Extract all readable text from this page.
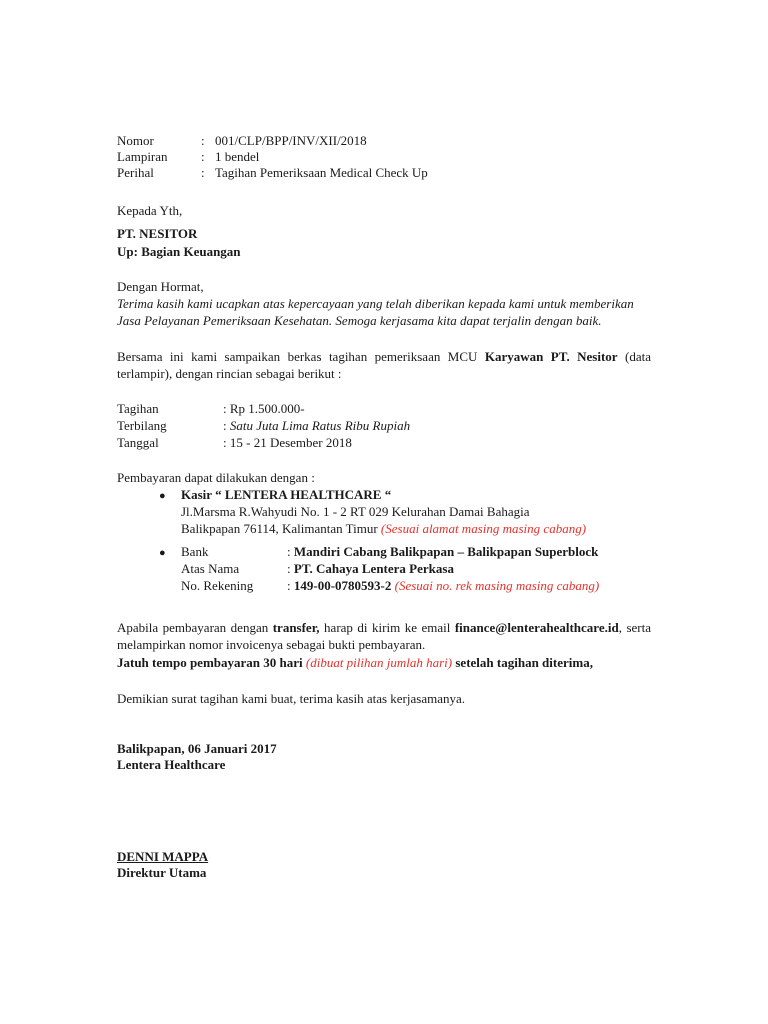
Nomor	: 001/CLP/BPP/INV/XII/2018
Lampiran	: 1 bendel
Perihal	: Tagihan Pemeriksaan Medical Check Up
Kepada Yth,
PT. NESITOR
Up: Bagian Keuangan
Dengan Hormat,
Terima kasih kami ucapkan atas kepercayaan yang telah diberikan kepada kami untuk memberikan
Jasa Pelayanan Pemeriksaan Kesehatan. Semoga kerjasama kita dapat terjalin dengan baik.
Bersama ini kami sampaikan berkas tagihan pemeriksaan MCU Karyawan PT. Nesitor (data terlampir), dengan rincian sebagai berikut :
Tagihan	: Rp 1.500.000-
Terbilang	: Satu Juta Lima Ratus Ribu Rupiah
Tanggal	: 15 - 21 Desember 2018
Pembayaran dapat dilakukan dengan :
● Kasir “ LENTERA HEALTHCARE “
Jl.Marsma R.Wahyudi No. 1 - 2 RT 029 Kelurahan Damai Bahagia
Balikpapan 76114, Kalimantan Timur (Sesuai alamat masing masing cabang)
● Bank	: Mandiri Cabang Balikpapan – Balikpapan Superblock
Atas Nama	: PT. Cahaya Lentera Perkasa
No. Rekening	: 149-00-0780593-2 (Sesuai no. rek masing masing cabang)
Apabila pembayaran dengan transfer, harap di kirim ke email finance@lenterahealthcare.id, serta melampirkan nomor invoicenya sebagai bukti pembayaran.
Jatuh tempo pembayaran 30 hari (dibuat pilihan jumlah hari) setelah tagihan diterima,
Demikian surat tagihan kami buat, terima kasih atas kerjasamanya.
Balikpapan, 06 Januari 2017
Lentera Healthcare
DENNI MAPPA
Direktur Utama
